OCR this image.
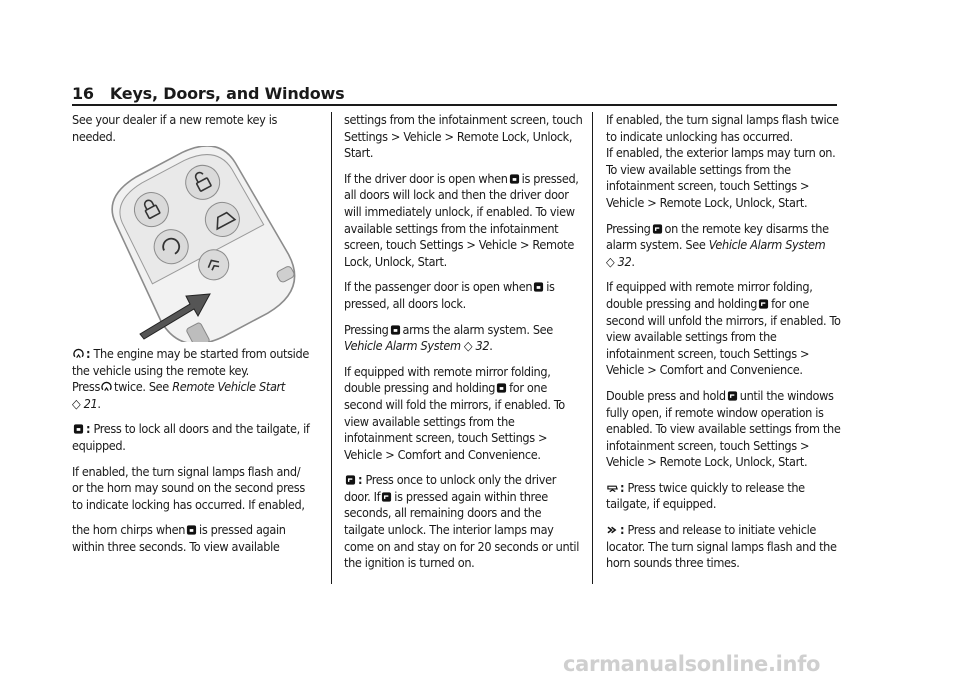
16 Keys, Doors, and Windows

See your dealer if a new remote key is needed.

: The engine may be started from outside the vehicle using the remote key.
Press twice. See Remote Vehicle Start
◇ 21.

: Press to lock all doors and the tailgate, if equipped.

If enabled, the turn signal lamps flash and/ or the horn may sound on the second press to indicate locking has occurred. If enabled,

the horn chirps when is pressed again within three seconds. To view available

settings from the infotainment screen, touch Settings > Vehicle > Remote Lock, Unlock, Start.

If the driver door is open when is pressed, all doors will lock and then the driver door will immediately unlock, if enabled. To view available settings from the infotainment screen, touch Settings > Vehicle > Remote Lock, Unlock, Start.

If the passenger door is open when is pressed, all doors lock.

Pressing arms the alarm system. See
Vehicle Alarm System ◇ 32.

If equipped with remote mirror folding,
double pressing and holding for one second will fold the mirrors, if enabled. To view available settings from the infotainment screen, touch Settings > Vehicle > Comfort and Convenience.

: Press once to unlock only the driver
door. If is pressed again within three seconds, all remaining doors and the tailgate unlock. The interior lamps may come on and stay on for 20 seconds or until the ignition is turned on.

If enabled, the turn signal lamps flash twice to indicate unlocking has occurred.

If enabled, the exterior lamps may turn on. To view available settings from the infotainment screen, touch Settings > Vehicle > Remote Lock, Unlock, Start.

Pressing on the remote key disarms the alarm system. See Vehicle Alarm System
◇ 32.

If equipped with remote mirror folding,
double pressing and holding for one second will unfold the mirrors, if enabled. To view available settings from the infotainment screen, touch Settings > Vehicle > Comfort and Convenience.

Double press and hold until the windows fully open, if remote window operation is enabled. To view available settings from the infotainment screen, touch Settings > Vehicle > Remote Lock, Unlock, Start.

: Press twice quickly to release the tailgate, if equipped.

: Press and release to initiate vehicle locator. The turn signal lamps flash and the horn sounds three times.

carmanualsonline.info
